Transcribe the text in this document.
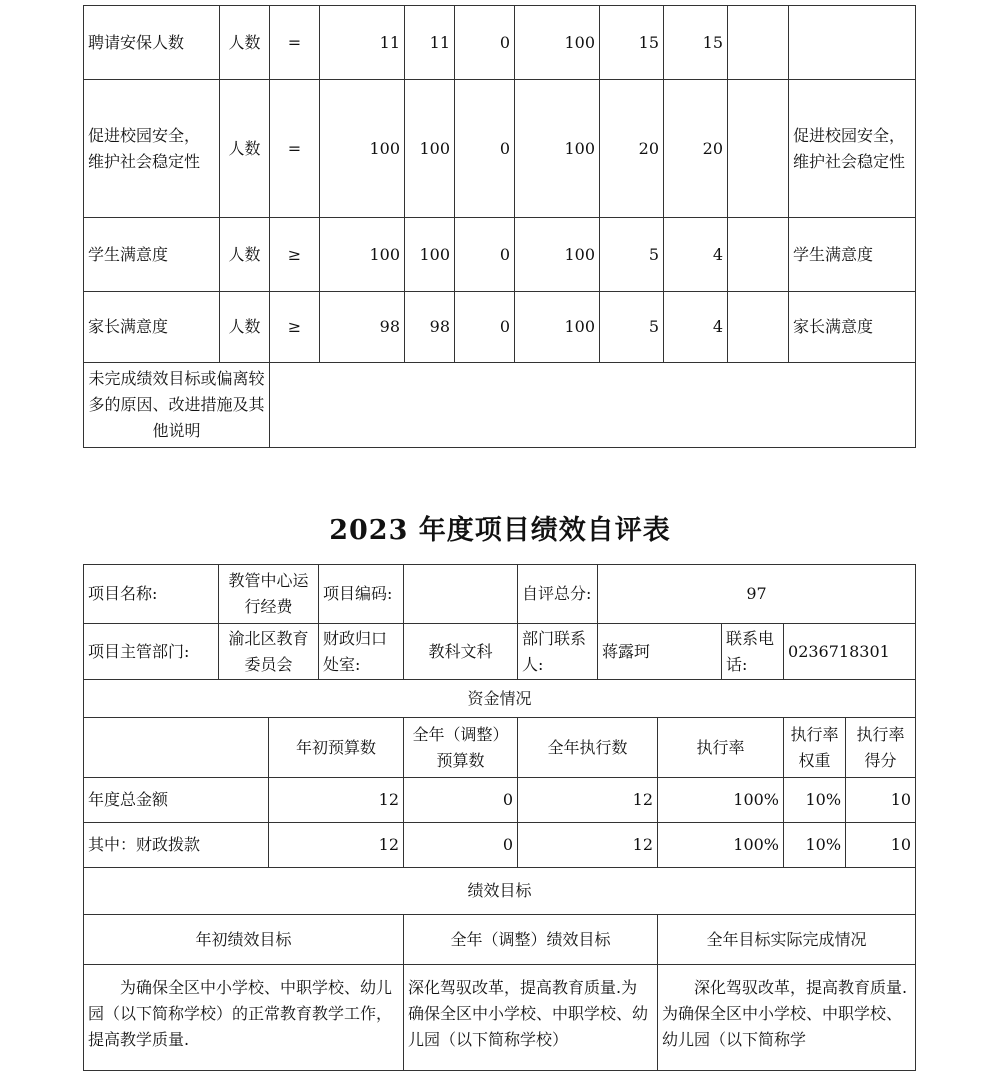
聘请安保人数	人数	=	11	11	0	100	15	15		
促进校园安全，维护社会稳定性	人数	=	100	100	0	100	20	20		促进校园安全，维护社会稳定性
学生满意度	人数	≥	100	100	0	100	5	4		学生满意度
家长满意度	人数	≥	98	98	0	100	5	4		家长满意度
未完成绩效目标或偏离较多的原因、改进措施及其他说明										
2023 年度项目绩效自评表
项目名称:	教管中心运行经费		项目编码:		自评总分:	97				
项目主管部门:	渝北区教育委员会		财政归口处室:	教科文科	部门联系人:	蒋露珂		联系电话:	0236718301	
资金情况										
		年初预算数		全年（调整）预算数	全年执行数		执行率		执行率权重	执行率得分
年度总金额		12		0	12		100%		10%	10
其中：财政拨款		12		0	12		100%		10%	10
绩效目标										
年初绩效目标				全年（调整）绩效目标			全年目标实际完成情况			
为确保全区中小学校、中职学校、幼儿园（以下简称学校）的正常教育教学工作，提高教学质量.				深化驾驭改革，提高教育质量.为确保全区中小学校、中职学校、幼儿园（以下简称学校）			深化驾驭改革，提高教育质量.为确保全区中小学校、中职学校、幼儿园（以下简称学			
